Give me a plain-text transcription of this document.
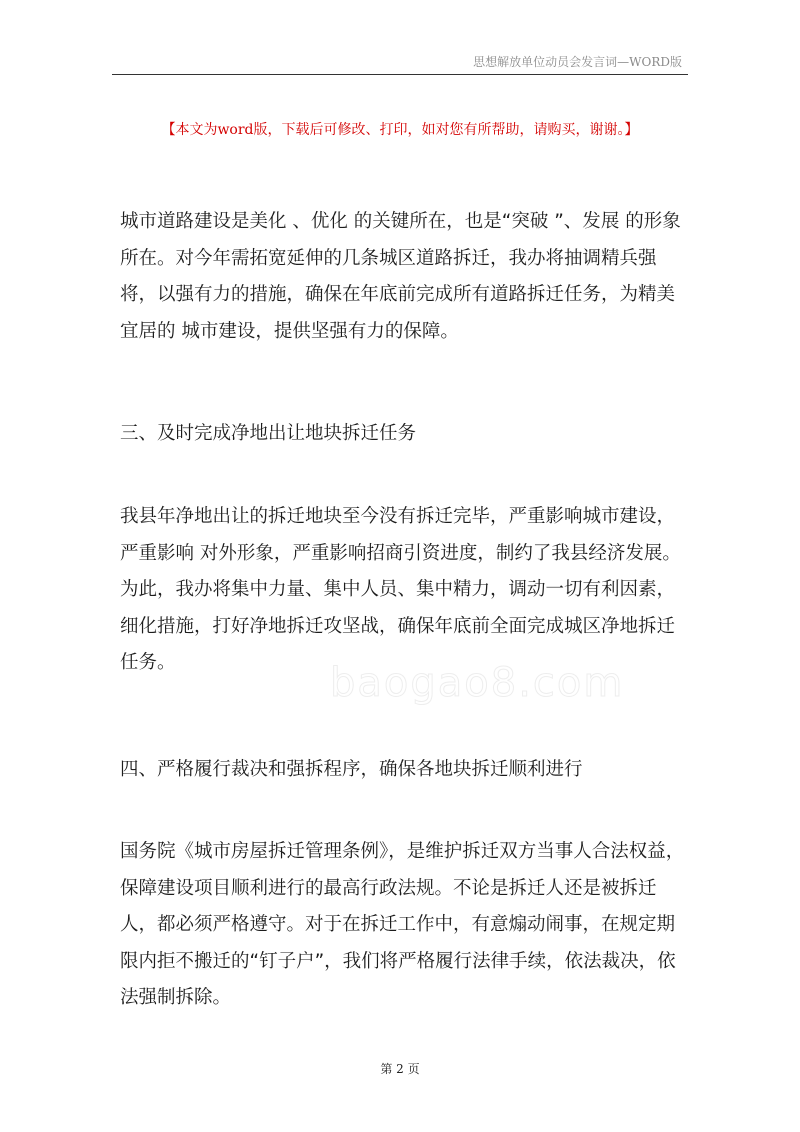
思想解放单位动员会发言词—WORD版
【本文为word版，下载后可修改、打印，如对您有所帮助，请购买，谢谢。】

城市道路建设是美化 、优化 的关键所在，也是“突破 ”、发展 的形象所在。对今年需拓宽延伸的几条城区道路拆迁，我办将抽调精兵强将，以强有力的措施，确保在年底前完成所有道路拆迁任务，为精美宜居的 城市建设，提供坚强有力的保障。

三、及时完成净地出让地块拆迁任务

我县年净地出让的拆迁地块至今没有拆迁完毕，严重影响城市建设，严重影响 对外形象，严重影响招商引资进度，制约了我县经济发展。为此，我办将集中力量、集中人员、集中精力，调动一切有利因素，细化措施，打好净地拆迁攻坚战，确保年底前全面完成城区净地拆迁任务。	baogao8.com

四、严格履行裁决和强拆程序，确保各地块拆迁顺利进行

国务院《城市房屋拆迁管理条例》，是维护拆迁双方当事人合法权益，保障建设项目顺利进行的最高行政法规。不论是拆迁人还是被拆迁人，都必须严格遵守。对于在拆迁工作中，有意煽动闹事，在规定期限内拒不搬迁的“钉子户”，我们将严格履行法律手续，依法裁决，依法强制拆除。

第 2 页
